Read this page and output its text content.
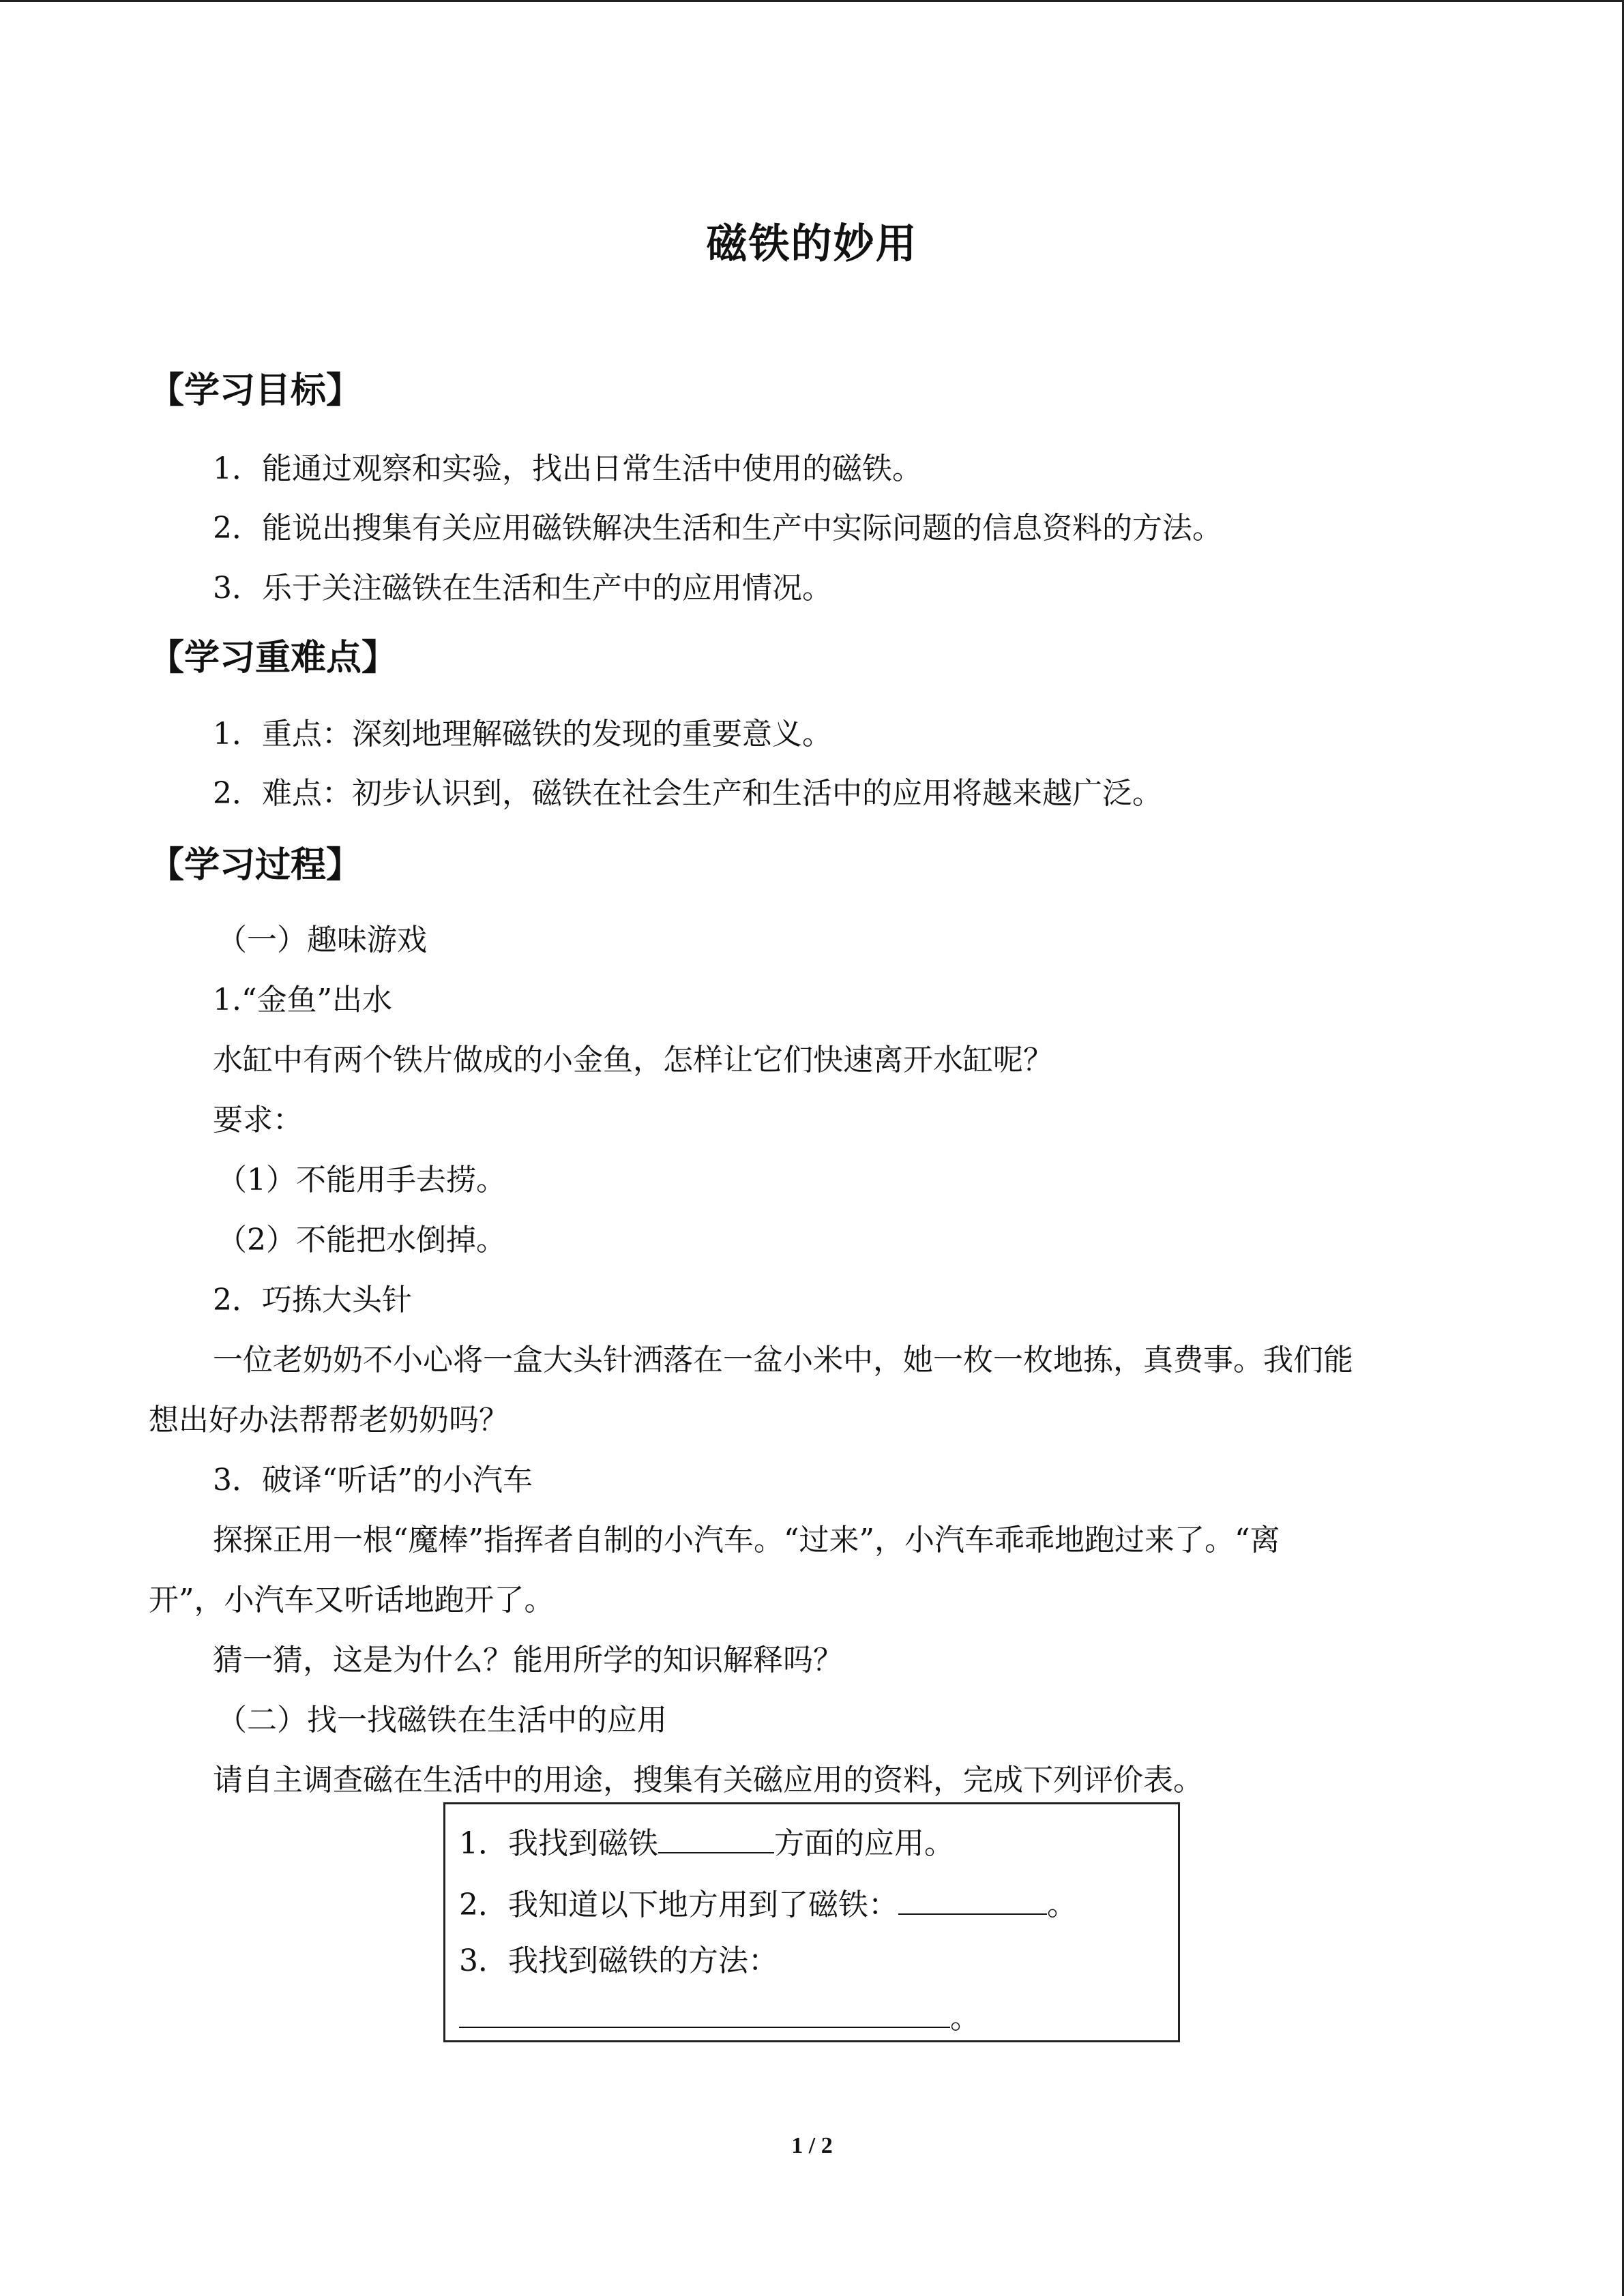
磁铁的妙用
【学习目标】
1．能通过观察和实验，找出日常生活中使用的磁铁。
2．能说出搜集有关应用磁铁解决生活和生产中实际问题的信息资料的方法。
3．乐于关注磁铁在生活和生产中的应用情况。
【学习重难点】
1．重点：深刻地理解磁铁的发现的重要意义。
2．难点：初步认识到，磁铁在社会生产和生活中的应用将越来越广泛。
【学习过程】
（一）趣味游戏
1.“金鱼”出水
水缸中有两个铁片做成的小金鱼，怎样让它们快速离开水缸呢？
要求：
（1）不能用手去捞。
（2）不能把水倒掉。
2．巧拣大头针
一位老奶奶不小心将一盒大头针洒落在一盆小米中，她一枚一枚地拣，真费事。我们能
想出好办法帮帮老奶奶吗？
3．破译“听话”的小汽车
探探正用一根“魔棒”指挥者自制的小汽车。“过来”，小汽车乖乖地跑过来了。“离
开”，小汽车又听话地跑开了。
猜一猜，这是为什么？能用所学的知识解释吗？
（二）找一找磁铁在生活中的应用
请自主调查磁在生活中的用途，搜集有关磁应用的资料，完成下列评价表。
1．我找到磁铁	方面的应用。
2．我知道以下地方用到了磁铁：	。
3．我找到磁铁的方法：
。
1 / 2
